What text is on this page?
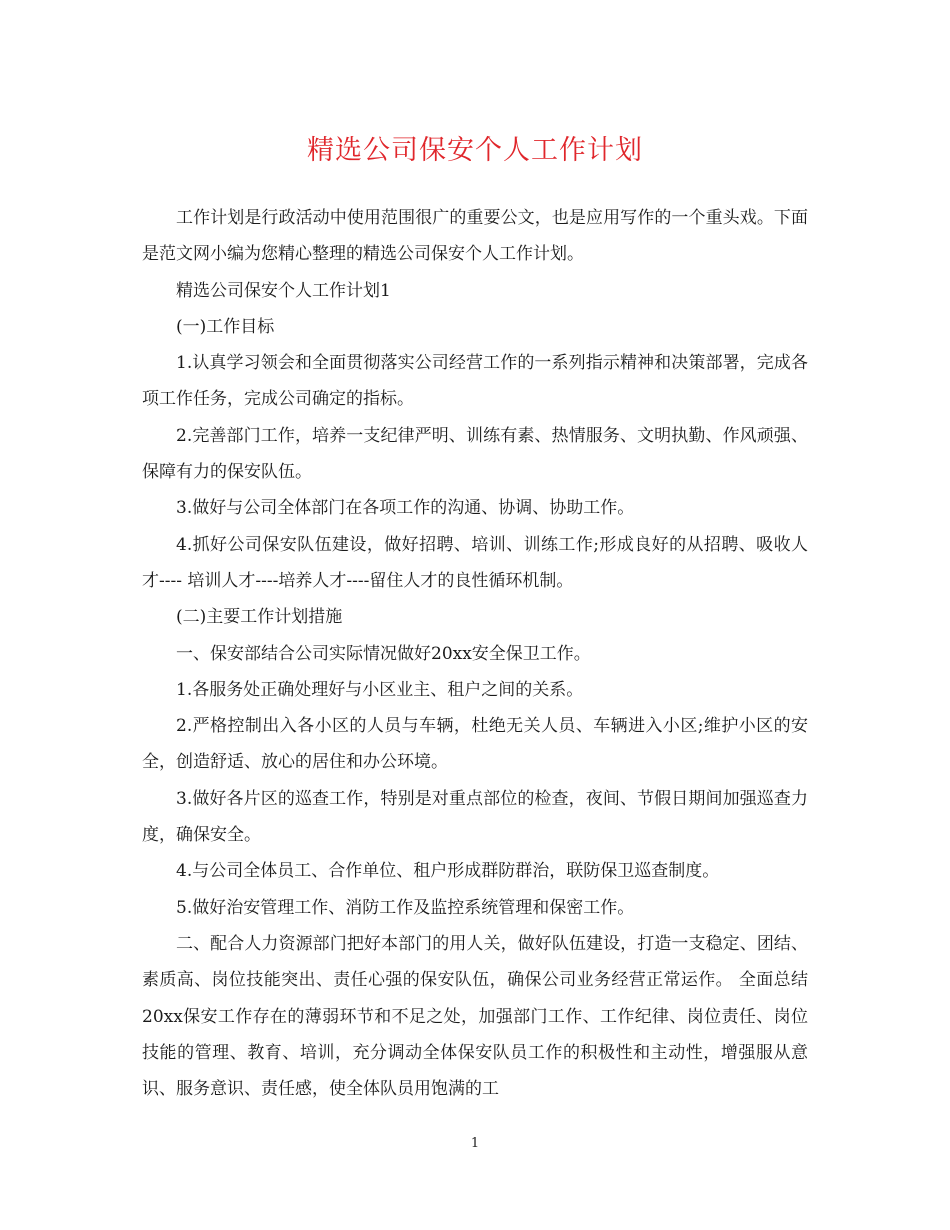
精选公司保安个人工作计划

工作计划是行政活动中使用范围很广的重要公文，也是应用写作的一个重头戏。下面是范文网小编为您精心整理的精选公司保安个人工作计划。

精选公司保安个人工作计划1

(一)工作目标

1.认真学习领会和全面贯彻落实公司经营工作的一系列指示精神和决策部署，完成各项工作任务，完成公司确定的指标。

2.完善部门工作，培养一支纪律严明、训练有素、热情服务、文明执勤、作风顽强、保障有力的保安队伍。

3.做好与公司全体部门在各项工作的沟通、协调、协助工作。

4.抓好公司保安队伍建设，做好招聘、培训、训练工作;形成良好的从招聘、吸收人才---- 培训人才----培养人才----留住人才的良性循环机制。

(二)主要工作计划措施

一、保安部结合公司实际情况做好20xx安全保卫工作。

1.各服务处正确处理好与小区业主、租户之间的关系。

2.严格控制出入各小区的人员与车辆，杜绝无关人员、车辆进入小区;维护小区的安全，创造舒适、放心的居住和办公环境。

3.做好各片区的巡查工作，特别是对重点部位的检查，夜间、节假日期间加强巡查力度，确保安全。

4.与公司全体员工、合作单位、租户形成群防群治，联防保卫巡查制度。

5.做好治安管理工作、消防工作及监控系统管理和保密工作。

二、配合人力资源部门把好本部门的用人关，做好队伍建设，打造一支稳定、团结、素质高、岗位技能突出、责任心强的保安队伍，确保公司业务经营正常运作。 全面总结20xx保安工作存在的薄弱环节和不足之处，加强部门工作、工作纪律、岗位责任、岗位技能的管理、教育、培训，充分调动全体保安队员工作的积极性和主动性，增强服从意识、服务意识、责任感，使全体队员用饱满的工

1
